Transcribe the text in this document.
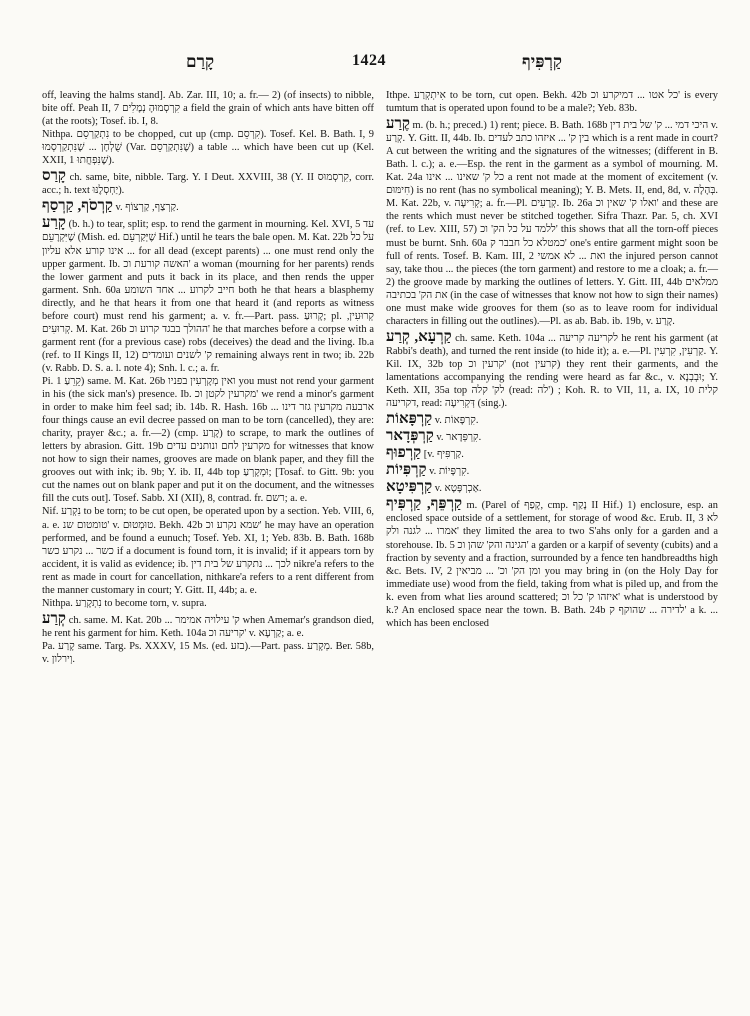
קָרַם	1424	קַרְפִּיף

off, leaving the halms stand]. Ab. Zar. III, 10; a. fr.— 2) (of insects) to nibble, bite off. Peah II, 7 קִרְסְמוּהָ נְמָלִים a field the grain of which ants have bitten off (at the roots); Tosef. ib. I, 8.

Nithpa. נִתְקַרְסֵם to be chopped, cut up (cmp. קִרְסֵם). Tosef. Kel. B. Bath. I, 9 שֻׁלְחָן ... שֶׁנִּתְקַרְסְמוּ (Var. שֶׁנִּתְקַרְסֵם) a table ... which have been cut up (Kel. XXII, 1 שֶׁנִּפְחֲתוּ).

קָרַס ch. same, bite, nibble. Targ. Y. I Deut. XXVIII, 38 (Y. II קִרְסְמוּס, corr. acc.; h. text יַחְסְלֶנּוּ).

קַרְסֹף, קַרְסַף v. קַרְצַף, קַרְצוֹף.

קָרַע (b. h.) to tear, split; esp. to rend the garment in mourning. Kel. XVI, 5 עד שֶׁיִּקְרָעֵם (Mish. ed. שֶׁיְּקַרְעֵם Hif.) until he tears the bale open. M. Kat. 22b על כל ... אינו קורע אלא עליון for all dead (except parents) ... one must rend only the upper garment. Ib. האשה קורעת וכ' a woman (mourning for her parents) rends the lower garment and puts it back in its place, and then rends the upper garment. Snh. 60a חייב לקרוע ... אחד השומע both he that hears a blasphemy directly, and he that hears it from one that heard it (and reports as witness before court) must rend his garment; a. v. fr.—Part. pass. קָרוּעַ; pl. קְרוּעִין, קְרוּעִים. M. Kat. 26b ההולך בבגד קרוע וכ' he that marches before a corpse with a garment rent (for a previous case) robs (deceives) the dead and the living. Ib.a (ref. to II Kings II, 12) ק' לשנים ועומדים remaining always rent in two; ib. 22b (v. Rabb. D. S. a. l. note 4); Snh. l. c.; a. fr.

Pi. קֵרֵעַ 1) same. M. Kat. 26b ואין מְקָרְעִין בפניו you must not rend your garment in his (the sick man's) presence. Ib. מקרעין לקטן וכ' we rend a minor's garment in order to make him feel sad; ib. 14b. R. Hash. 16b ... ארבעה מקרעין גזר דינו four things cause an evil decree passed on man to be torn (cancelled), they are: charity, prayer &c.; a. fr.—2) (cmp. קָרַע) to scrape, to mark the outlines of letters by abrasion. Gitt. 19b מקרעין לחם ונותנים עדים for witnesses that know not how to sign their names, grooves are made on blank paper, and they fill the grooves out with ink; ib. 9b; Y. ib. II, 44b top וּמְקָרְעַ; [Tosaf. to Gitt. 9b: you cut the names out on blank paper and put it on the document, and the witnesses fill the cuts out]. Tosef. Sabb. XI (XII), 8, contrad. fr. רשם; a. e.

Nif. נִקְרַע to be torn; to be cut open, be operated upon by a section. Yeb. VIII, 6, a. e. טומטום שנ' v. טוּמְטוּם. Bekh. 42b שמא נקרע וכ' he may have an operation performed, and be found a eunuch; Tosef. Yeb. XI, 1; Yeb. 83b. B. Bath. 168b כשר ... נקרע כשר if a document is found torn, it is invalid; if it appears torn by accident, it is valid as evidence; ib. לכך ... נתקרע של בית דין nikre'a refers to the rent as made in court for cancellation, nithkare'a refers to a rent different from the manner customary in court; Y. Gitt. II, 44b; a. e.

Nithpa. נִתְקָרַע to become torn, v. supra.

קְרַע ch. same. M. Kat. 20b ... ק' עילויה אמימר when Amemar's grandson died, he rent his garment for him. Keth. 104a קריעה וכ' v. קַרְעָא; a. e.

Pa. קָרַע same. Targ. Ps. XXXV, 15 Ms. (ed. בזע).—Part. pass. מְקָרַע. Ber. 58b, v. וְירלון.

Ithpe. אִיתְקְרַע to be torn, cut open. Bekh. 42b כל אטו ... דמיקרע וכ' is every tumtum that is operated upon found to be a male?; Yeb. 83b.

קֶרַע m. (b. h.; preced.) 1) rent; piece. B. Bath. 168b היכי דמי ... ק' של בית דין v. קְרַע. Y. Gitt. II, 44b. Ib. בין ק' ... איזהו כתב לעדים which is a rent made in court? A cut between the writing and the signatures of the witnesses; (different in B. Bath. l. c.); a. e.—Esp. the rent in the garment as a symbol of mourning. M. Kat. 24a כל ק' שאינו ... אינו a rent not made at the moment of excitement (v. חִימּוּם) is no rent (has no symbolical meaning); Y. B. Mets. II, end, 8d, v. בְּהָלָה. M. Kat. 22b, v. קְרִיעָה; a. fr.—Pl. קְרָעִים. Ib. 26a ואלו ק' שאין וכ' and these are the rents which must never be stitched together. Sifra Thazr. Par. 5, ch. XVI (ref. to Lev. XIII, 57) ללמד על כל הק' וכ' this shows that all the torn-off pieces must be burnt. Snh. 60a כמטלא כל חבבר ק' one's entire garment might soon be full of rents. Tosef. B. Kam. III, 2 ואת ... לא אמשי the injured person cannot say, take thou ... the pieces (the torn garment) and restore to me a cloak; a. fr.—2) the groove made by marking the outlines of letters. Y. Gitt. III, 44b ממלאים את הק' בכתיבה (in the case of witnesses that know not how to sign their names) one must make wide grooves for them (so as to leave room for individual characters in filling out the outlines).—Pl. as ab. Bab. ib. 19b, v. קָרַע.

קַרְעָא, קְרַע ch. same. Keth. 104a ... לקריעה קריעה he rent his garment (at Rabbi's death), and turned the rent inside (to hide it); a. e.—Pl. קַרְעִין, קִרְעִין. Y. Kil. IX, 32b top קרעין וכ' (not קרעין) they rent their garments, and the lamentations accompanying the rending were heard as far &c., v. וּבְבְנָא; Y. Keth. XII, 35a top לק' קלה (read: לה') ; Koh. R. to VII, 11, a. IX, 10 קלית דקריעה, read: דְּקְרִיעָה (sing.).

קַרְפָּאוֹת v. קִרְפָּאוֹת.

קַרְפְּדָאר v. קִרְפְּדָאר.

קַרְפוּף [v. קַרְפִּיף.

קַרְפִּיוֹת v. קִרְפָּיוֹת.

קַרְפִּיטָא v. אַכְרְפָּטָא.

קַרְפֵּף, קַרְפִּיף m. (Parel of קָפַף, cmp. נָקַף II Hif.) 1) enclosure, esp. an enclosed space outside of a settlement, for storage of wood &c. Erub. II, 3 לא אמרו ... לגנה ולק' they limited the area to two S'ahs only for a garden and a storehouse. Ib. 5 הגינה והק' שהן וכ' a garden or a karpif of seventy (cubits) and a fraction by seventy and a fraction, surrounded by a fence ten handbreadths high &c. Bets. IV, 2 ומן הק' וכ' ... מביאין you may bring in (on the Holy Day for immediate use) wood from the field, taking from what is piled up, and from the k. even from what lies around scattered; איזהו ק' כל וכ' what is understood by k.? An enclosed space near the town. B. Bath. 24b לדירה ... שהוקף ק' a k. ... which has been enclosed
